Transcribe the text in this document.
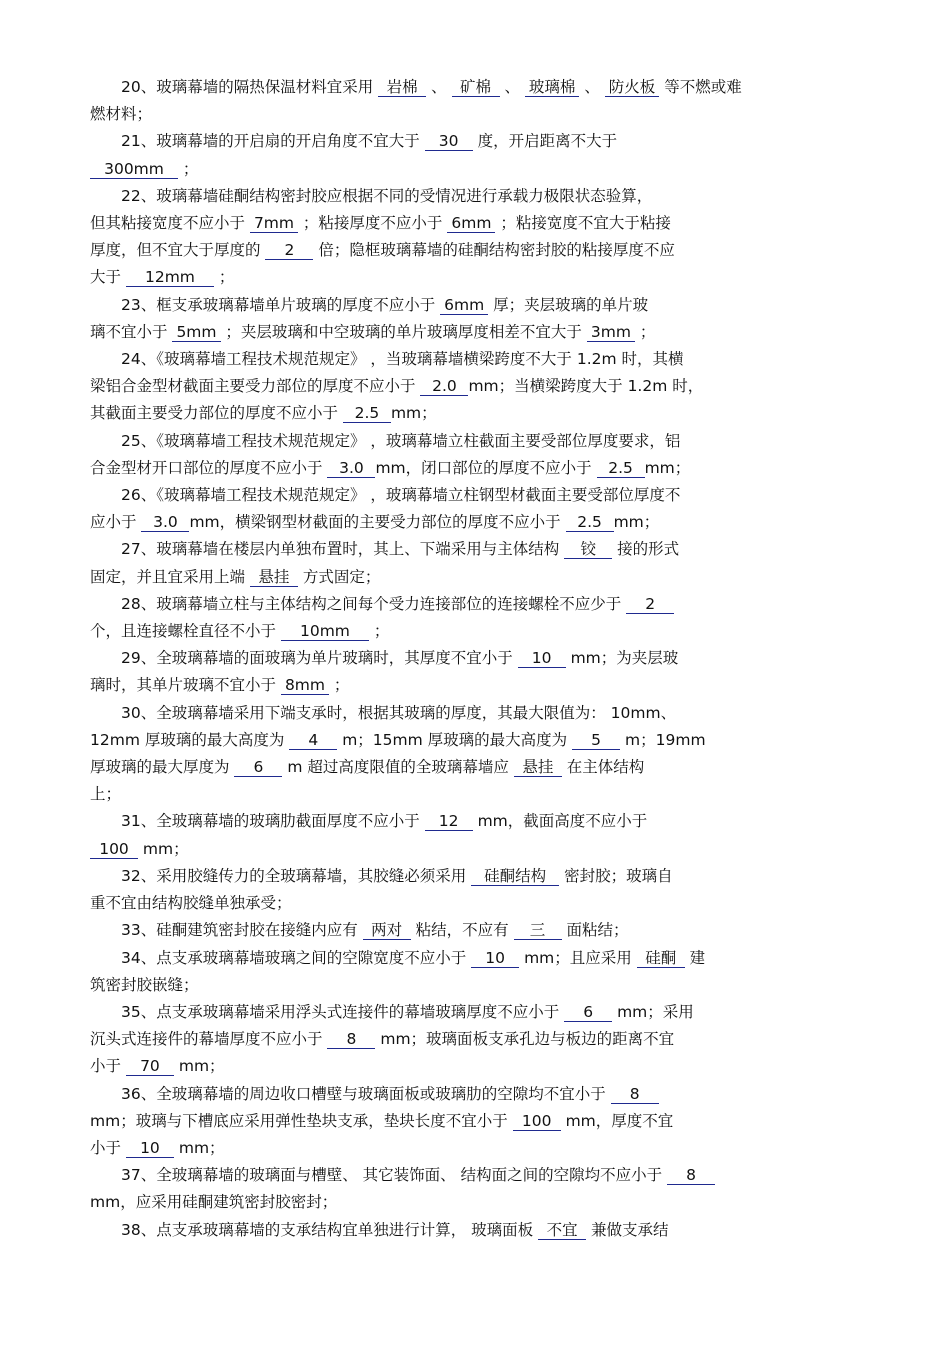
20、玻璃幕墙的隔热保温材料宜采用 岩棉 、 矿棉 、 玻璃棉 、 防火板 等不燃或难
燃材料；
21、玻璃幕墙的开启扇的开启角度不宜大于 30 度，开启距离不大于
300mm ；
22、玻璃幕墙硅酮结构密封胶应根据不同的受情况进行承载力极限状态验算，
但其粘接宽度不应小于 7mm ；粘接厚度不应小于 6mm ；粘接宽度不宜大于粘接
厚度，但不宜大于厚度的 2 倍；隐框玻璃幕墙的硅酮结构密封胶的粘接厚度不应
大于 12mm ；
23、框支承玻璃幕墙单片玻璃的厚度不应小于 6mm 厚；夹层玻璃的单片玻
璃不宜小于 5mm ；夹层玻璃和中空玻璃的单片玻璃厚度相差不宜大于 3mm ；
24、《玻璃幕墙工程技术规范规定》 ，当玻璃幕墙横梁跨度不大于 1.2m 时，其横
梁铝合金型材截面主要受力部位的厚度不应小于 2.0 mm；当横梁跨度大于 1.2m 时，
其截面主要受力部位的厚度不应小于 2.5 mm；
25、《玻璃幕墙工程技术规范规定》 ，玻璃幕墙立柱截面主要受部位厚度要求，铝
合金型材开口部位的厚度不应小于 3.0 mm，闭口部位的厚度不应小于 2.5 mm；
26、《玻璃幕墙工程技术规范规定》 ，玻璃幕墙立柱钢型材截面主要受部位厚度不
应小于 3.0 mm，横梁钢型材截面的主要受力部位的厚度不应小于 2.5 mm；
27、玻璃幕墙在楼层内单独布置时，其上、下端采用与主体结构 铰 接的形式
固定，并且宜采用上端 悬挂 方式固定；
28、玻璃幕墙立柱与主体结构之间每个受力连接部位的连接螺栓不应少于 2
个，且连接螺栓直径不小于 10mm ；
29、全玻璃幕墙的面玻璃为单片玻璃时，其厚度不宜小于 10 mm；为夹层玻
璃时，其单片玻璃不宜小于 8mm ；
30、全玻璃幕墙采用下端支承时，根据其玻璃的厚度，其最大限值为： 10mm、
12mm 厚玻璃的最大高度为 4 m；15mm 厚玻璃的最大高度为 5 m；19mm
厚玻璃的最大厚度为 6 m 超过高度限值的全玻璃幕墙应 悬挂 在主体结构
上；
31、全玻璃幕墙的玻璃肋截面厚度不应小于 12 mm，截面高度不应小于
100 mm；
32、采用胶缝传力的全玻璃幕墙，其胶缝必须采用 硅酮结构 密封胶；玻璃自
重不宜由结构胶缝单独承受；
33、硅酮建筑密封胶在接缝内应有 两对 粘结，不应有 三 面粘结；
34、点支承玻璃幕墙玻璃之间的空隙宽度不应小于 10 mm；且应采用 硅酮 建
筑密封胶嵌缝；
35、点支承玻璃幕墙采用浮头式连接件的幕墙玻璃厚度不应小于 6 mm；采用
沉头式连接件的幕墙厚度不应小于 8 mm；玻璃面板支承孔边与板边的距离不宜
小于 70 mm；
36、全玻璃幕墙的周边收口槽壁与玻璃面板或玻璃肋的空隙均不宜小于 8
mm；玻璃与下槽底应采用弹性垫块支承，垫块长度不宜小于 100 mm，厚度不宜
小于 10 mm；
37、全玻璃幕墙的玻璃面与槽壁、 其它装饰面、 结构面之间的空隙均不应小于 8
mm，应采用硅酮建筑密封胶密封；
38、点支承玻璃幕墙的支承结构宜单独进行计算， 玻璃面板 不宜 兼做支承结
